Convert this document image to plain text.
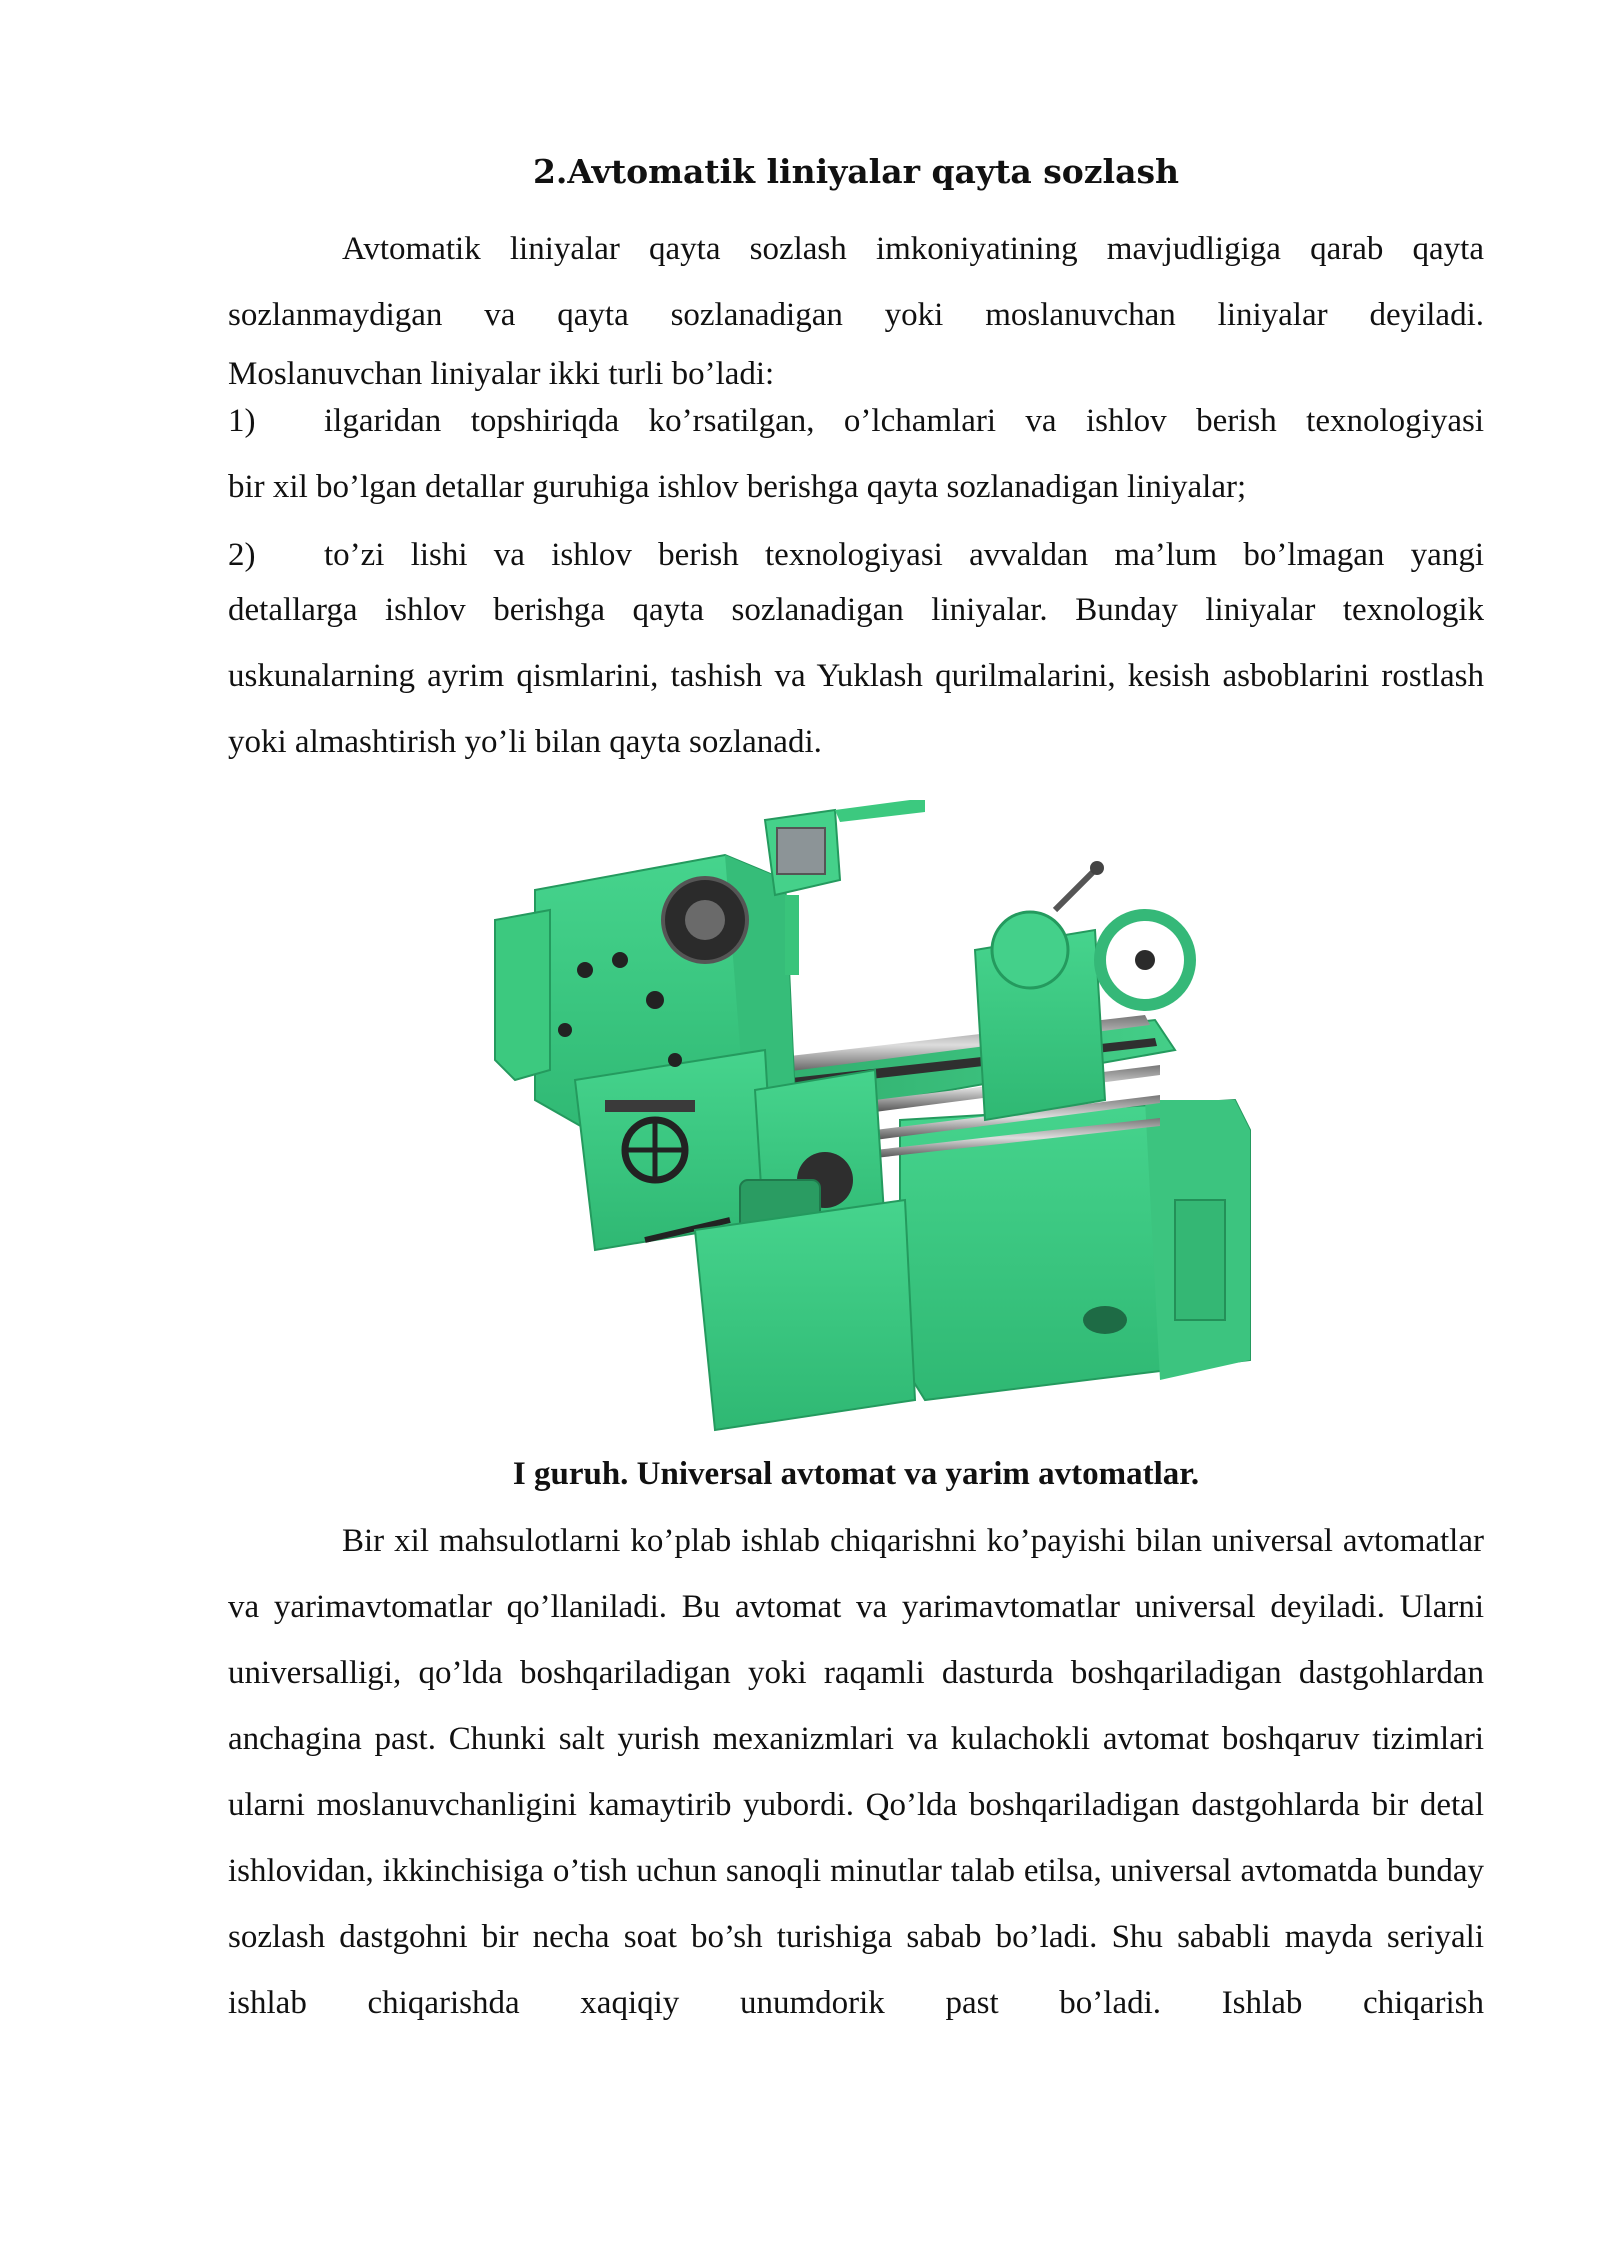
2.Avtomatik liniyalar qayta sozlash

Avtomatik liniyalar qayta sozlash imkoniyatining mavjudligiga qarab qayta sozlanmaydigan va qayta sozlanadigan yoki moslanuvchan liniyalar deyiladi.

Moslanuvchan liniyalar ikki turli bo’ladi:

1) ilgaridan topshiriqda ko’rsatilgan, o’lchamlari va ishlov berish texnologiyasi

bir xil bo’lgan detallar guruhiga ishlov berishga qayta sozlanadigan liniyalar;

2) to’zi lishi va ishlov berish texnologiyasi avvaldan ma’lum bo’lmagan yangi

detallarga ishlov berishga qayta sozlanadigan liniyalar. Bunday liniyalar texnologik uskunalarning ayrim qismlarini, tashish va Yuklash qurilmalarini, kesish asboblarini rostlash yoki almashtirish yo’li bilan qayta sozlanadi.

I guruh. Universal avtomat va yarim avtomatlar.

Bir xil mahsulotlarni ko’plab ishlab chiqarishni ko’payishi bilan universal avtomatlar va yarimavtomatlar qo’llaniladi. Bu avtomat va yarimavtomatlar universal deyiladi. Ularni universalligi, qo’lda boshqariladigan yoki raqamli dasturda boshqariladigan dastgohlardan anchagina past. Chunki salt yurish mexanizmlari va kulachokli avtomat boshqaruv tizimlari ularni moslanuvchanligini kamaytirib yubordi. Qo’lda boshqariladigan dastgohlarda bir detal ishlovidan, ikkinchisiga o’tish uchun sanoqli minutlar talab etilsa, universal avtomatda bunday sozlash dastgohni bir necha soat bo’sh turishiga sabab bo’ladi. Shu sababli mayda seriyali ishlab chiqarishda xaqiqiy unumdorik past bo’ladi. Ishlab chiqarish
